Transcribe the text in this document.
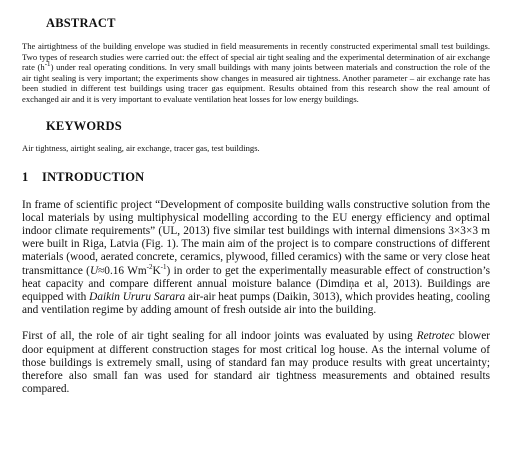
ABSTRACT

The airtightness of the building envelope was studied in field measurements in recently constructed experimental small test buildings. Two types of research studies were carried out: the effect of special air tight sealing and the experimental determination of air exchange rate $(h^{-1})$ under real operating conditions. In very small buildings with many joints between materials and construction the role of the air tight sealing is very important; the experiments show changes in measured air tightness. Another parameter – air exchange rate has been studied in different test buildings using tracer gas equipment. Results obtained from this research show the real amount of exchanged air and it is very important to evaluate ventilation heat losses for low energy buildings.

KEYWORDS

Air tightness, airtight sealing, air exchange, tracer gas, test buildings.

1 INTRODUCTION

In frame of scientific project “Development of composite building walls constructive solution from the local materials by using multiphysical modelling according to the EU energy efficiency and optimal indoor climate requirements” (UL, 2013) five similar test buildings with internal dimensions 3×3×3 m were built in Riga, Latvia (Fig. 1). The main aim of the project is to compare constructions of different materials (wood, aerated concrete, ceramics, plywood, filled ceramics) with the same or very close heat transmittance (U≈0.16 $Wm^{-2}K^{-1}$) in order to get the experimentally measurable effect of construction’s heat capacity and compare different annual moisture balance (Dimdiņa et al, 2013). Buildings are equipped with Daikin Ururu Sarara air-air heat pumps (Daikin, 3013), which provides heating, cooling and ventilation regime by adding amount of fresh outside air into the building.

First of all, the role of air tight sealing for all indoor joints was evaluated by using Retrotec blower door equipment at different construction stages for most critical log house. As the internal volume of those buildings is extremely small, using of standard fan may produce results with great uncertainty; therefore also small fan was used for standard air tightness measurements and obtained results compared.
